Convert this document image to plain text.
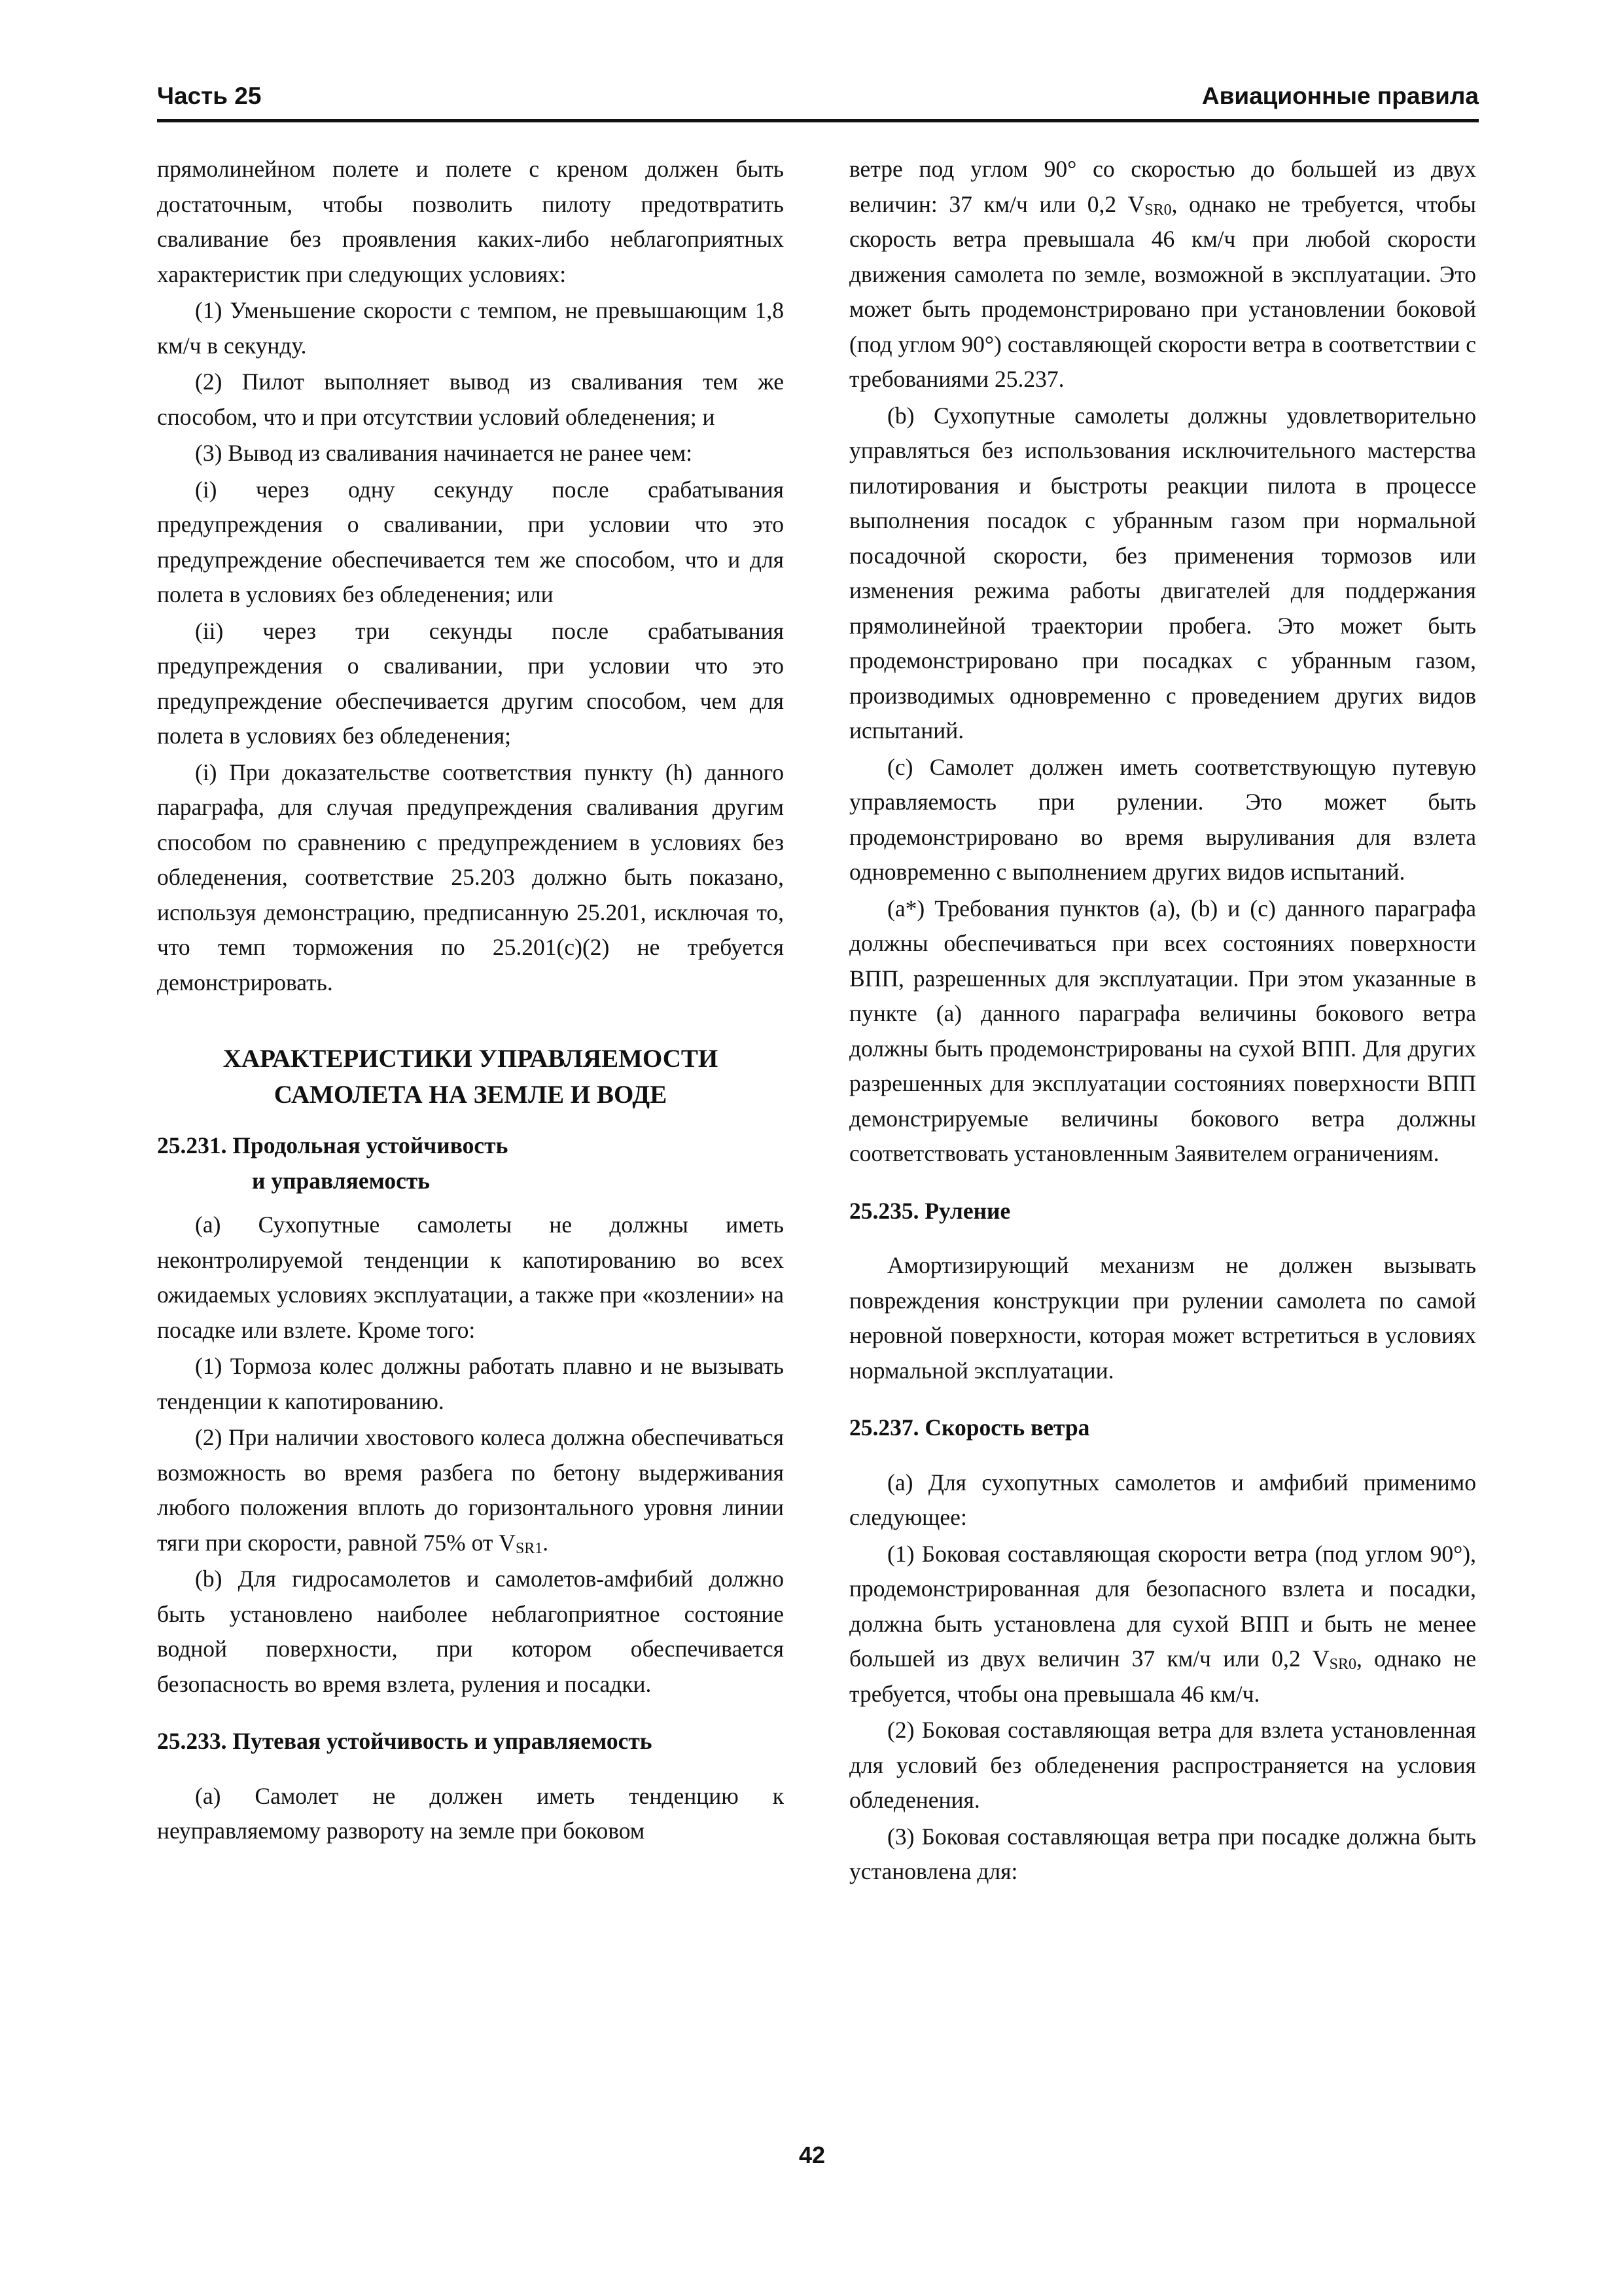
Часть 25	Авиационные правила

прямолинейном полете и полете с креном должен быть достаточным, чтобы позволить пилоту предотвратить сваливание без проявления каких-либо неблагоприятных характеристик при следующих условиях:

(1) Уменьшение скорости с темпом, не превышающим 1,8 км/ч в секунду.

(2) Пилот выполняет вывод из сваливания тем же способом, что и при отсутствии условий обледенения; и

(3) Вывод из сваливания начинается не ранее чем:

(i) через одну секунду после срабатывания предупреждения о сваливании, при условии что это предупреждение обеспечивается тем же способом, что и для полета в условиях без обледенения; или

(ii) через три секунды после срабатывания предупреждения о сваливании, при условии что это предупреждение обеспечивается другим способом, чем для полета в условиях без обледенения;

(i) При доказательстве соответствия пункту (h) данного параграфа, для случая предупреждения сваливания другим способом по сравнению с предупреждением в условиях без обледенения, соответствие 25.203 должно быть показано, используя демонстрацию, предписанную 25.201, исключая то, что темп торможения по 25.201(c)(2) не требуется демонстрировать.

ХАРАКТЕРИСТИКИ УПРАВЛЯЕМОСТИ
САМОЛЕТА НА ЗЕМЛЕ И ВОДЕ
25.231. Продольная устойчивость
и управляемость

(a) Сухопутные самолеты не должны иметь неконтролируемой тенденции к капотированию во всех ожидаемых условиях эксплуатации, а также при «козлении» на посадке или взлете. Кроме того:

(1) Тормоза колес должны работать плавно и не вызывать тенденции к капотированию.

(2) При наличии хвостового колеса должна обеспечиваться возможность во время разбега по бетону выдерживания любого положения вплоть до горизонтального уровня линии тяги при скорости, равной 75% от VSR1.

(b) Для гидросамолетов и самолетов-амфибий должно быть установлено наиболее неблагоприятное состояние водной поверхности, при котором обеспечивается безопасность во время взлета, руления и посадки.

25.233. Путевая устойчивость и управляемость

(a) Самолет не должен иметь тенденцию к неуправляемому развороту на земле при боковом

ветре под углом 90° со скоростью до большей из двух величин: 37 км/ч или 0,2 VSR0, однако не требуется, чтобы скорость ветра превышала 46 км/ч при любой скорости движения самолета по земле, возможной в эксплуатации. Это может быть продемонстрировано при установлении боковой (под углом 90°) составляющей скорости ветра в соответствии с требованиями 25.237.

(b) Сухопутные самолеты должны удовлетворительно управляться без использования исключительного мастерства пилотирования и быстроты реакции пилота в процессе выполнения посадок с убранным газом при нормальной посадочной скорости, без применения тормозов или изменения режима работы двигателей для поддержания прямолинейной траектории пробега. Это может быть продемонстрировано при посадках с убранным газом, производимых одновременно с проведением других видов испытаний.

(c) Самолет должен иметь соответствующую путевую управляемость при рулении. Это может быть продемонстрировано во время выруливания для взлета одновременно с выполнением других видов испытаний.

(a*) Требования пунктов (a), (b) и (c) данного параграфа должны обеспечиваться при всех состояниях поверхности ВПП, разрешенных для эксплуатации. При этом указанные в пункте (a) данного параграфа величины бокового ветра должны быть продемонстрированы на сухой ВПП. Для других разрешенных для эксплуатации состояниях поверхности ВПП демонстрируемые величины бокового ветра должны соответствовать установленным Заявителем ограничениям.

25.235. Руление

Амортизирующий механизм не должен вызывать повреждения конструкции при рулении самолета по самой неровной поверхности, которая может встретиться в условиях нормальной эксплуатации.

25.237. Скорость ветра

(a) Для сухопутных самолетов и амфибий применимо следующее:

(1) Боковая составляющая скорости ветра (под углом 90°), продемонстрированная для безопасного взлета и посадки, должна быть установлена для сухой ВПП и быть не менее большей из двух величин 37 км/ч или 0,2 VSR0, однако не требуется, чтобы она превышала 46 км/ч.

(2) Боковая составляющая ветра для взлета установленная для условий без обледенения распространяется на условия обледенения.

(3) Боковая составляющая ветра при посадке должна быть установлена для:

42
